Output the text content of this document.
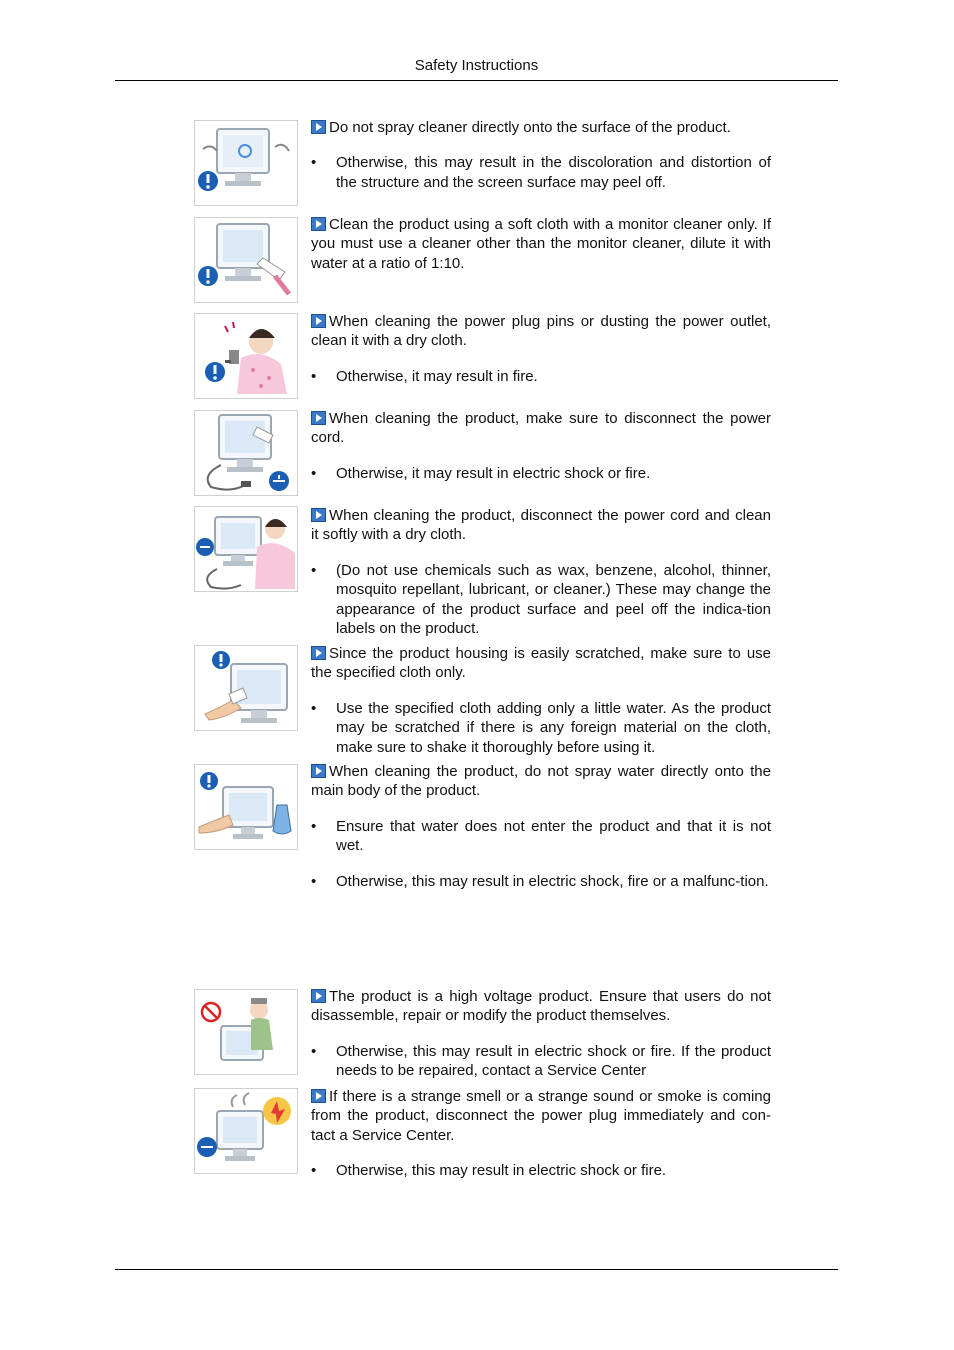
Safety Instructions

Do not spray cleaner directly onto the surface of the product.

• Otherwise, this may result in the discoloration and distortion of the structure and the screen surface may peel off.

Clean the product using a soft cloth with a monitor cleaner only. If you must use a cleaner other than the monitor cleaner, dilute it with water at a ratio of 1:10.

When cleaning the power plug pins or dusting the power outlet, clean it with a dry cloth.

• Otherwise, it may result in fire.

When cleaning the product, make sure to disconnect the power cord.

• Otherwise, it may result in electric shock or fire.

When cleaning the product, disconnect the power cord and clean it softly with a dry cloth.

• (Do not use chemicals such as wax, benzene, alcohol, thinner, mosquito repellant, lubricant, or cleaner.) These may change the appearance of the product surface and peel off the indica-tion labels on the product.

Since the product housing is easily scratched, make sure to use the specified cloth only.

• Use the specified cloth adding only a little water. As the product may be scratched if there is any foreign material on the cloth, make sure to shake it thoroughly before using it.

When cleaning the product, do not spray water directly onto the main body of the product.

• Ensure that water does not enter the product and that it is not wet.

• Otherwise, this may result in electric shock, fire or a malfunc-tion.

The product is a high voltage product. Ensure that users do not disassemble, repair or modify the product themselves.

• Otherwise, this may result in electric shock or fire. If the product needs to be repaired, contact a Service Center

If there is a strange smell or a strange sound or smoke is coming from the product, disconnect the power plug immediately and con-tact a Service Center.

• Otherwise, this may result in electric shock or fire.
